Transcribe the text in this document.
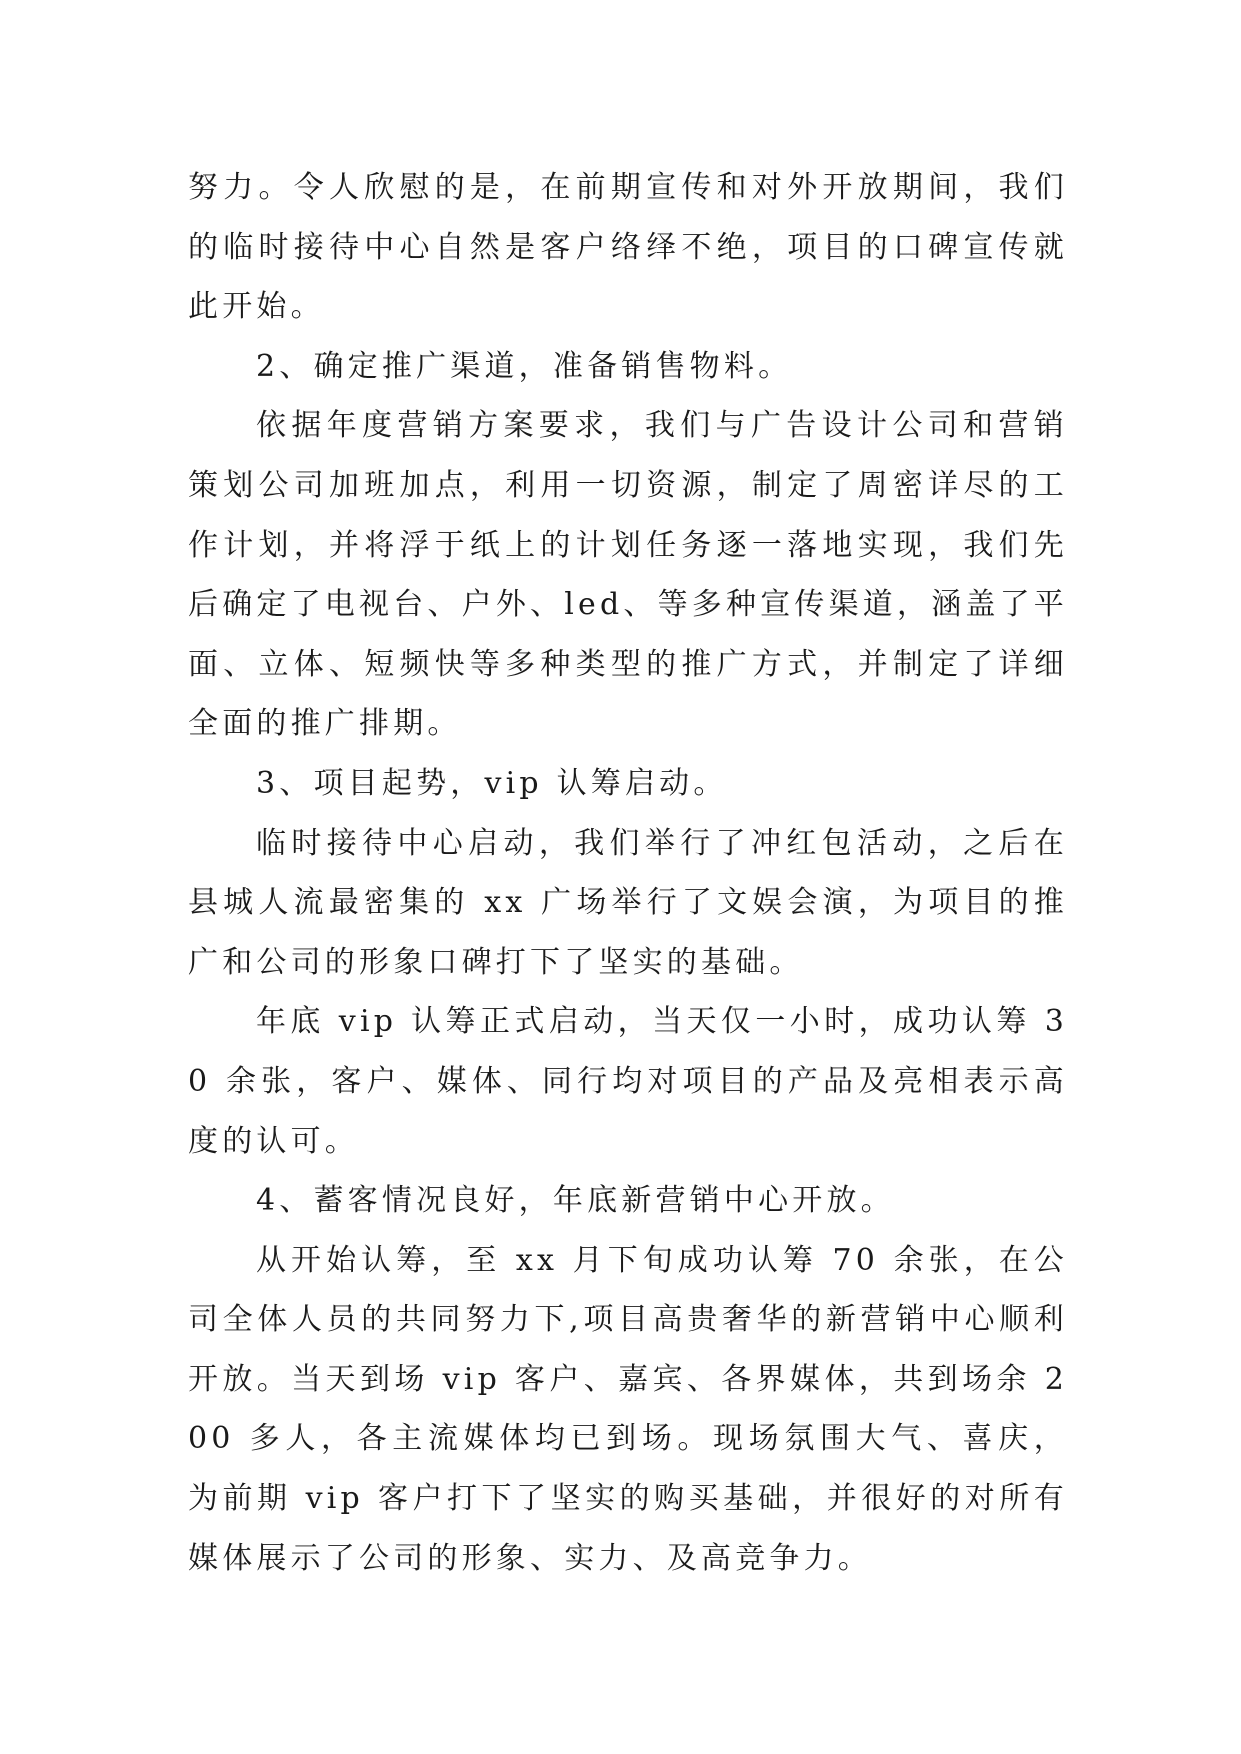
努力。令人欣慰的是，在前期宣传和对外开放期间，我们的临时接待中心自然是客户络绎不绝，项目的口碑宣传就此开始。

2、确定推广渠道，准备销售物料。

依据年度营销方案要求，我们与广告设计公司和营销策划公司加班加点，利用一切资源，制定了周密详尽的工作计划，并将浮于纸上的计划任务逐一落地实现，我们先后确定了电视台、户外、led、等多种宣传渠道，涵盖了平面、立体、短频快等多种类型的推广方式，并制定了详细全面的推广排期。

3、项目起势，vip 认筹启动。

临时接待中心启动，我们举行了冲红包活动，之后在县城人流最密集的 xx 广场举行了文娱会演，为项目的推广和公司的形象口碑打下了坚实的基础。

年底 vip 认筹正式启动，当天仅一小时，成功认筹 30 余张，客户、媒体、同行均对项目的产品及亮相表示高度的认可。

4、蓄客情况良好，年底新营销中心开放。

从开始认筹，至 xx 月下旬成功认筹 70 余张，在公司全体人员的共同努力下,项目高贵奢华的新营销中心顺利开放。当天到场 vip 客户、嘉宾、各界媒体，共到场余 200 多人，各主流媒体均已到场。现场氛围大气、喜庆，为前期 vip 客户打下了坚实的购买基础，并很好的对所有媒体展示了公司的形象、实力、及高竞争力。
